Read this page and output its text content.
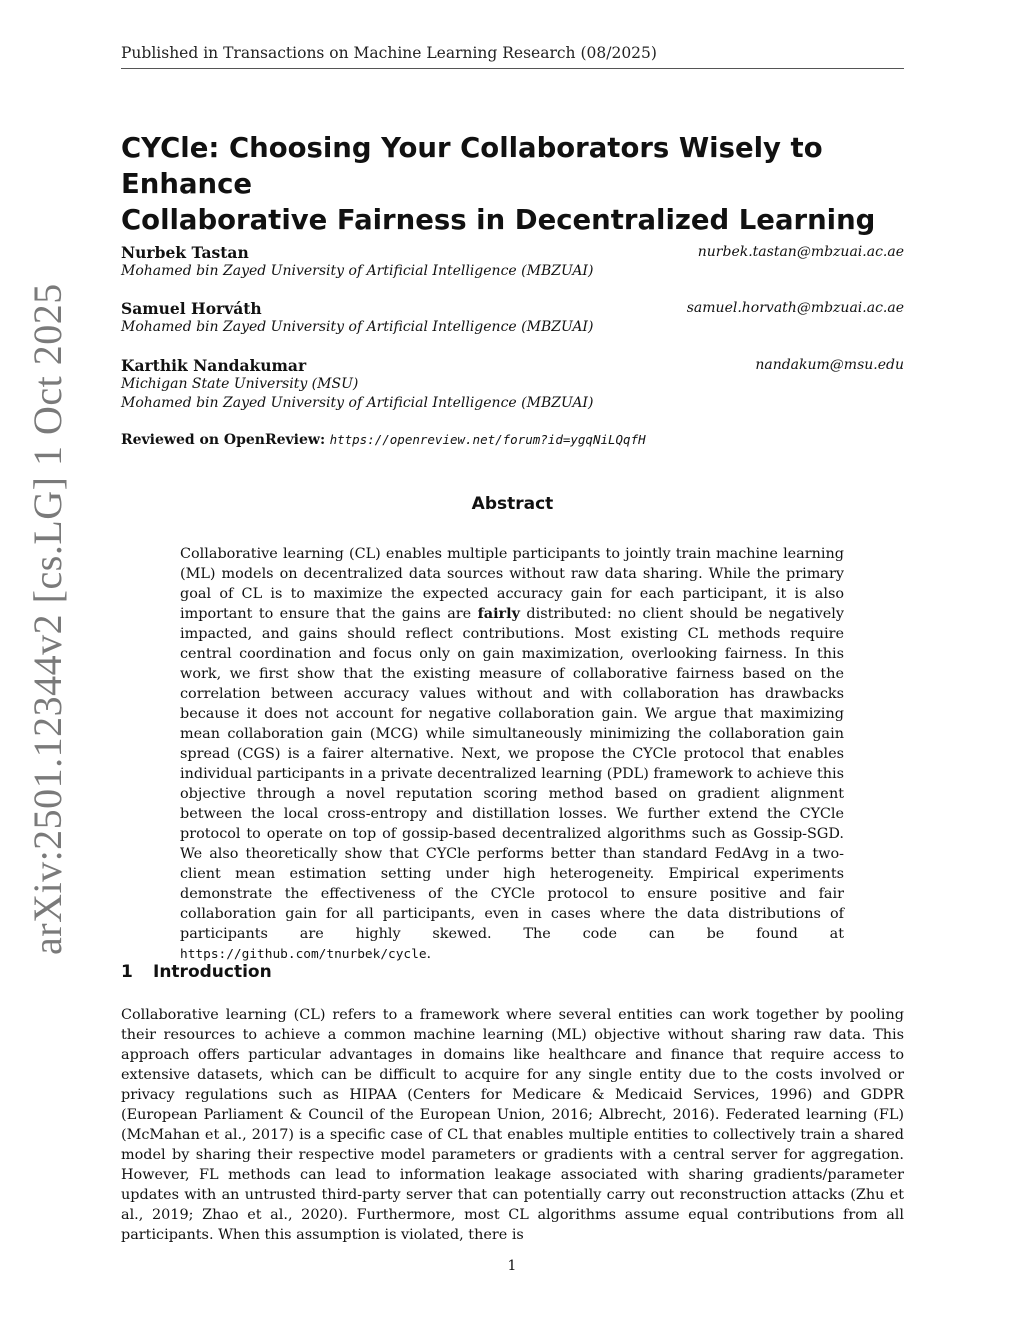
Published in Transactions on Machine Learning Research (08/2025)
arXiv:2501.12344v2 [cs.LG] 1 Oct 2025
CYCle: Choosing Your Collaborators Wisely to Enhance
Collaborative Fairness in Decentralized Learning
Nurbek Tastan
Mohamed bin Zayed University of Artificial Intelligence (MBZUAI)
nurbek.tastan@mbzuai.ac.ae
Samuel Horváth
Mohamed bin Zayed University of Artificial Intelligence (MBZUAI)
samuel.horvath@mbzuai.ac.ae
Karthik Nandakumar
Michigan State University (MSU)
Mohamed bin Zayed University of Artificial Intelligence (MBZUAI)
nandakum@msu.edu
Reviewed on OpenReview: https://openreview.net/forum?id=ygqNiLQqfH
Abstract

Collaborative learning (CL) enables multiple participants to jointly train machine learning (ML) models on decentralized data sources without raw data sharing. While the primary goal of CL is to maximize the expected accuracy gain for each participant, it is also important to ensure that the gains are fairly distributed: no client should be negatively impacted, and gains should reflect contributions. Most existing CL methods require central coordination and focus only on gain maximization, overlooking fairness. In this work, we first show that the existing measure of collaborative fairness based on the correlation between accuracy values without and with collaboration has drawbacks because it does not account for negative collaboration gain. We argue that maximizing mean collaboration gain (MCG) while simultaneously minimizing the collaboration gain spread (CGS) is a fairer alternative. Next, we propose the CYCle protocol that enables individual participants in a private decentralized learning (PDL) framework to achieve this objective through a novel reputation scoring method based on gradient alignment between the local cross-entropy and distillation losses. We further extend the CYCle protocol to operate on top of gossip-based decentralized algorithms such as Gossip-SGD. We also theoretically show that CYCle performs better than standard FedAvg in a two-client mean estimation setting under high heterogeneity. Empirical experiments demonstrate the effectiveness of the CYCle protocol to ensure positive and fair collaboration gain for all participants, even in cases where the data distributions of participants are highly skewed. The code can be found at https://github.com/tnurbek/cycle.

1 Introduction

Collaborative learning (CL) refers to a framework where several entities can work together by pooling their resources to achieve a common machine learning (ML) objective without sharing raw data. This approach offers particular advantages in domains like healthcare and finance that require access to extensive datasets, which can be difficult to acquire for any single entity due to the costs involved or privacy regulations such as HIPAA (Centers for Medicare & Medicaid Services, 1996) and GDPR (European Parliament & Council of the European Union, 2016; Albrecht, 2016). Federated learning (FL) (McMahan et al., 2017) is a specific case of CL that enables multiple entities to collectively train a shared model by sharing their respective model parameters or gradients with a central server for aggregation. However, FL methods can lead to information leakage associated with sharing gradients/parameter updates with an untrusted third-party server that can potentially carry out reconstruction attacks (Zhu et al., 2019; Zhao et al., 2020). Furthermore, most CL algorithms assume equal contributions from all participants. When this assumption is violated, there is

1
